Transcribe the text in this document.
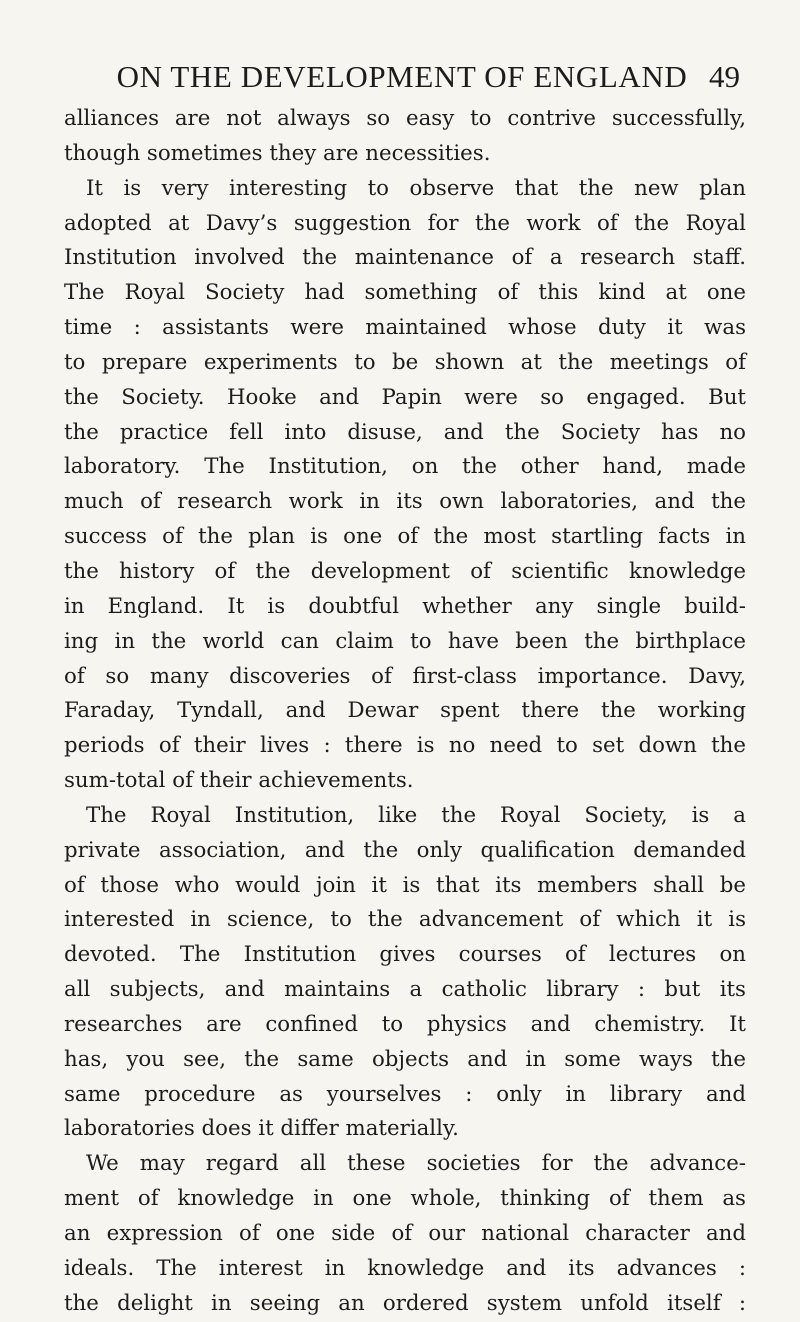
ON THE DEVELOPMENT OF ENGLAND 49
alliances are not always so easy to contrive successfully,
though sometimes they are necessities.
It is very interesting to observe that the new plan
adopted at Davy’s suggestion for the work of the Royal
Institution involved the maintenance of a research staff.
The Royal Society had something of this kind at one
time : assistants were maintained whose duty it was
to prepare experiments to be shown at the meetings of
the Society. Hooke and Papin were so engaged. But
the practice fell into disuse, and the Society has no
laboratory. The Institution, on the other hand, made
much of research work in its own laboratories, and the
success of the plan is one of the most startling facts in
the history of the development of scientific knowledge
in England. It is doubtful whether any single build-
ing in the world can claim to have been the birthplace
of so many discoveries of first-class importance. Davy,
Faraday, Tyndall, and Dewar spent there the working
periods of their lives : there is no need to set down the
sum-total of their achievements.
The Royal Institution, like the Royal Society, is a
private association, and the only qualification demanded
of those who would join it is that its members shall be
interested in science, to the advancement of which it is
devoted. The Institution gives courses of lectures on
all subjects, and maintains a catholic library : but its
researches are confined to physics and chemistry. It
has, you see, the same objects and in some ways the
same procedure as yourselves : only in library and
laboratories does it differ materially.
We may regard all these societies for the advance-
ment of knowledge in one whole, thinking of them as
an expression of one side of our national character and
ideals. The interest in knowledge and its advances :
the delight in seeing an ordered system unfold itself :
